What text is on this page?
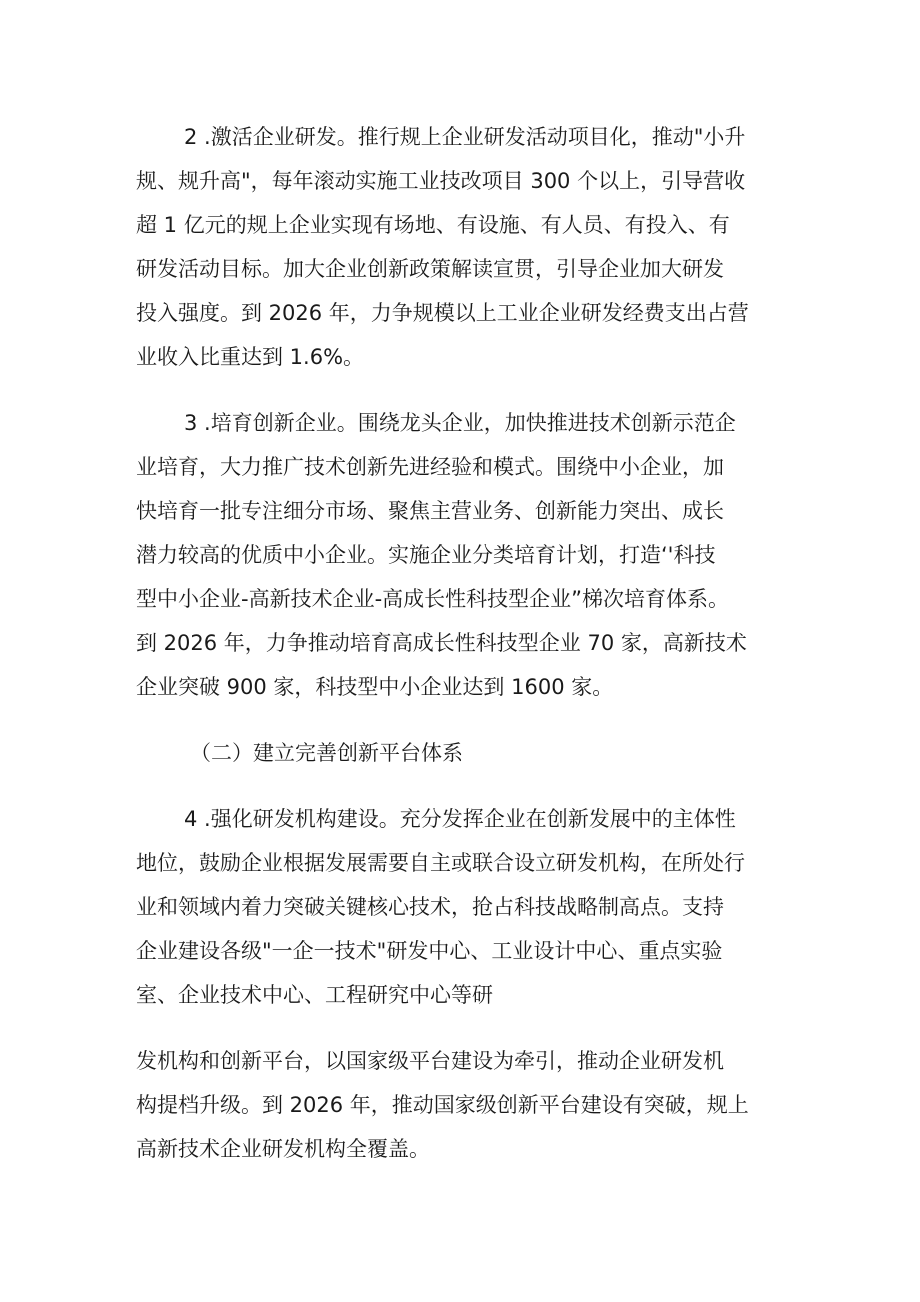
2 .激活企业研发。推行规上企业研发活动项目化，推动"小升

规、规升高"，每年滚动实施工业技改项目 300 个以上，引导营收

超 1 亿元的规上企业实现有场地、有设施、有人员、有投入、有

研发活动目标。加大企业创新政策解读宣贯，引导企业加大研发

投入强度。到 2026 年，力争规模以上工业企业研发经费支出占营

业收入比重达到 1.6%。

3 .培育创新企业。围绕龙头企业，加快推进技术创新示范企

业培育，大力推广技术创新先进经验和模式。围绕中小企业，加

快培育一批专注细分市场、聚焦主营业务、创新能力突出、成长

潜力较高的优质中小企业。实施企业分类培育计划，打造‘'科技

型中小企业-高新技术企业-高成长性科技型企业”梯次培育体系。

到 2026 年，力争推动培育高成长性科技型企业 70 家，高新技术

企业突破 900 家，科技型中小企业达到 1600 家。

（二）建立完善创新平台体系

4 .强化研发机构建设。充分发挥企业在创新发展中的主体性

地位，鼓励企业根据发展需要自主或联合设立研发机构，在所处行

业和领域内着力突破关键核心技术，抢占科技战略制高点。支持

企业建设各级"一企一技术"研发中心、工业设计中心、重点实验

室、企业技术中心、工程研究中心等研

发机构和创新平台，以国家级平台建设为牵引，推动企业研发机

构提档升级。到 2026 年，推动国家级创新平台建设有突破，规上

高新技术企业研发机构全覆盖。
